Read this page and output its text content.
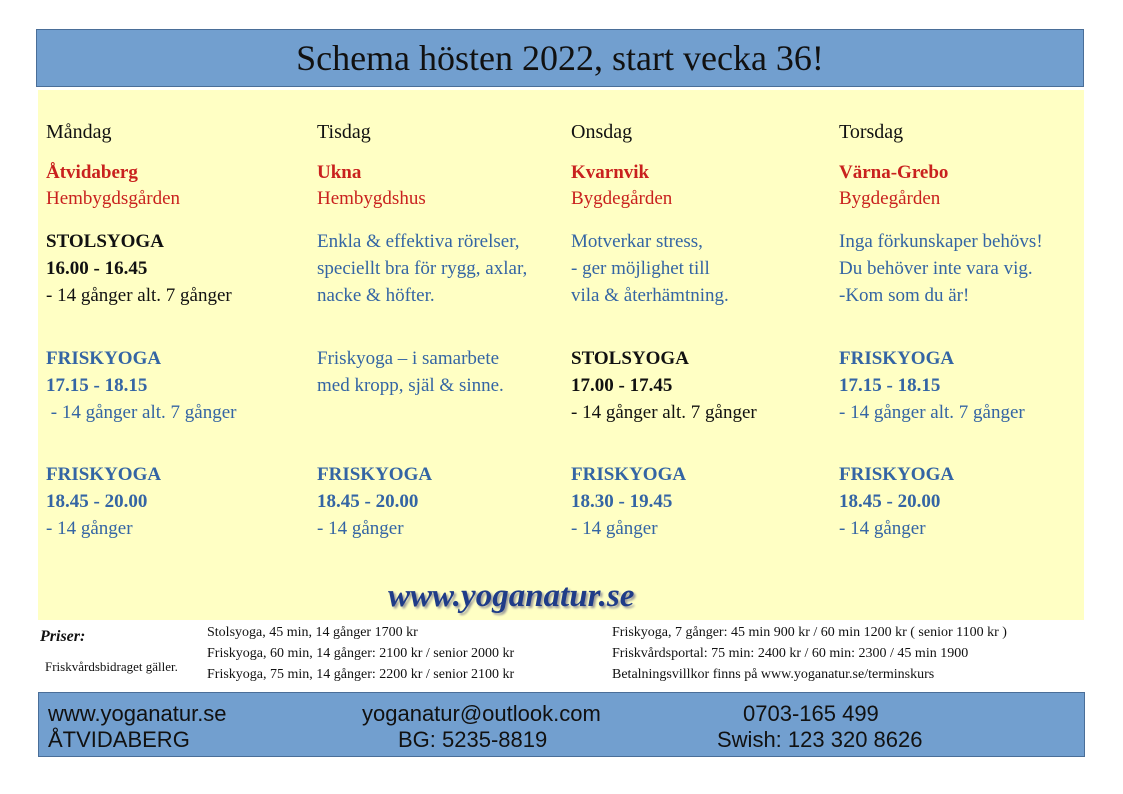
Schema hösten 2022, start vecka 36!
Måndag
Åtvidaberg
Hembygdsgården
STOLSYOGA
16.00 - 16.45
- 14 gånger alt. 7 gånger
FRISKYOGA
17.15 - 18.15
- 14 gånger alt. 7 gånger
FRISKYOGA
18.45 - 20.00
- 14 gånger
Tisdag
Ukna
Hembygdshus
Enkla & effektiva rörelser,
speciellt bra för rygg, axlar,
nacke & höfter.
Friskyoga – i samarbete
med kropp, själ & sinne.
FRISKYOGA
18.45 - 20.00
- 14 gånger
Onsdag
Kvarnvik
Bygdegården
Motverkar stress,
- ger möjlighet till
vila & återhämtning.
STOLSYOGA
17.00 - 17.45
- 14 gånger alt. 7 gånger
FRISKYOGA
18.30 - 19.45
- 14 gånger
Torsdag
Värna-Grebo
Bygdegården
Inga förkunskaper behövs!
Du behöver inte vara vig.
-Kom som du är!
FRISKYOGA
17.15 - 18.15
- 14 gånger alt. 7 gånger
FRISKYOGA
18.45 - 20.00
- 14 gånger
www.yoganatur.se
Priser:
Friskvårdsbidraget gäller.
Stolsyoga, 45 min, 14 gånger 1700 kr
Friskyoga, 60 min, 14 gånger: 2100 kr / senior 2000 kr
Friskyoga, 75 min, 14 gånger: 2200 kr / senior 2100 kr
Friskyoga, 7 gånger: 45 min 900 kr / 60 min 1200 kr ( senior 1100 kr )
Friskvårdsportal: 75 min: 2400 kr / 60 min: 2300 / 45 min 1900
Betalningsvillkor finns på www.yoganatur.se/terminskurs
www.yoganatur.se
ÅTVIDABERG
yoganatur@outlook.com
BG: 5235-8819
0703-165 499
Swish: 123 320 8626
